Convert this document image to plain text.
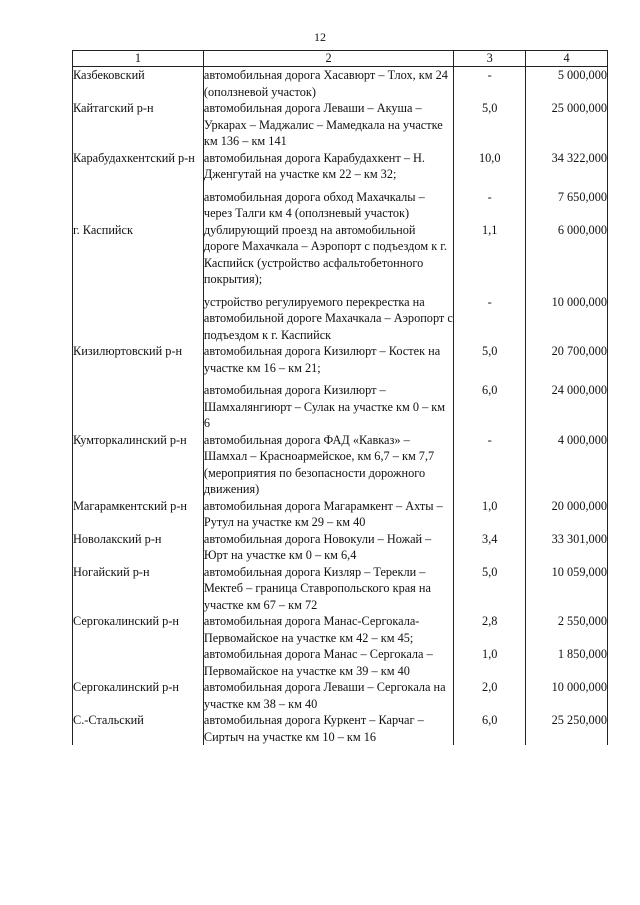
12
1	2	3	4
Казбековский	автомобильная дорога Хасавюрт – Тлох, км 24 (оползневой участок)	-	5 000,000
Кайтагский р-н	автомобильная дорога Леваши – Акуша – Уркарах – Маджалис – Мамедкала на участке км 136 – км 141	5,0	25 000,000
Карабудахкентский р-н	автомобильная дорога Карабудахкент – Н. Дженгутай на участке км 22 – км 32;	10,0	34 322,000
	автомобильная дорога обход Махачкалы – через Талги км 4 (оползневый участок)	-	7 650,000
г. Каспийск	дублирующий проезд на автомобильной дороге Махачкала – Аэропорт с подъездом к г. Каспийск (устройство асфальтобетонного покрытия);	1,1	6 000,000
	устройство регулируемого перекрестка на автомобильной дороге Махачкала – Аэропорт с подъездом к г. Каспийск	-	10 000,000
Кизилюртовский р-н	автомобильная дорога Кизилюрт – Костек на участке км 16 – км 21;	5,0	20 700,000
	автомобильная дорога Кизилюрт – Шамхалянгиюрт – Сулак на участке км 0 – км 6	6,0	24 000,000
Кумторкалинский р-н	автомобильная дорога ФАД «Кавказ» – Шамхал – Красноармейское, км 6,7 – км 7,7 (мероприятия по безопасности дорожного движения)	-	4 000,000
Магарамкентский р-н	автомобильная дорога Магарамкент – Ахты – Рутул на участке км 29 – км 40	1,0	20 000,000
Новолакский р-н	автомобильная дорога Новокули – Ножай – Юрт на участке км 0 – км 6,4	3,4	33 301,000
Ногайский р-н	автомобильная дорога Кизляр – Терекли – Мектеб – граница Ставропольского края на участке км 67 – км 72	5,0	10 059,000
Сергокалинский р-н	автомобильная дорога Манас-Сергокала-Первомайское на участке км 42 – км 45;	2,8	2 550,000
	автомобильная дорога Манас – Сергокала – Первомайское на участке км 39 – км 40	1,0	1 850,000
Сергокалинский р-н	автомобильная дорога Леваши – Сергокала на участке км 38 – км 40	2,0	10 000,000
С.-Стальский	автомобильная дорога Куркент – Карчаг – Сиртыч на участке км 10 – км 16	6,0	25 250,000
